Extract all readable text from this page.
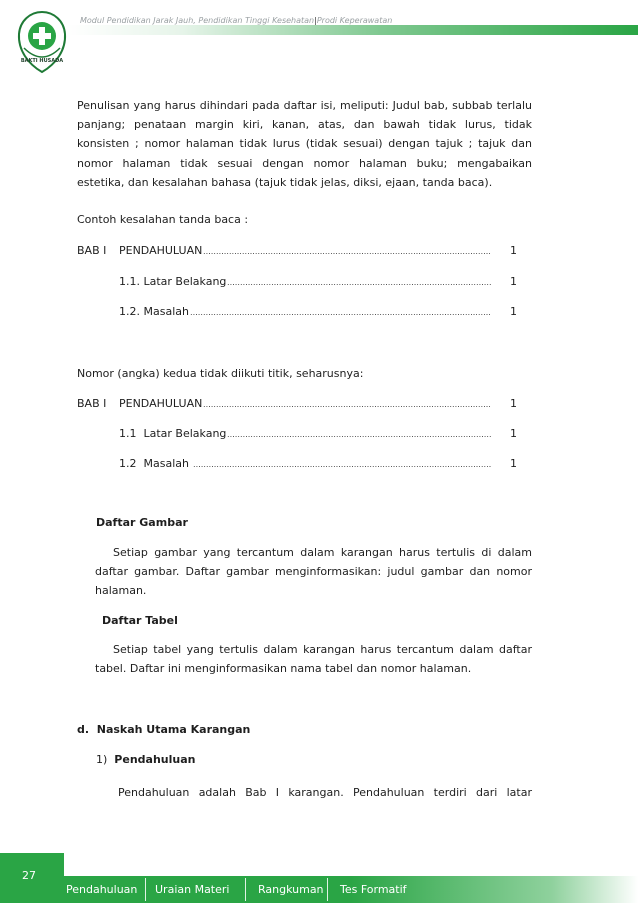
BAKTI HUSADA
Modul Pendidikan Jarak Jauh, Pendidikan Tinggi Kesehatan|Prodi Keperawatan
Penulisan yang harus dihindari pada daftar isi, meliputi: Judul bab, subbab terlalu panjang; penataan margin kiri, kanan, atas, dan bawah tidak lurus, tidak konsisten ; nomor halaman tidak lurus (tidak sesuai) dengan tajuk ; tajuk dan nomor halaman tidak sesuai dengan nomor halaman buku; mengabaikan estetika, dan kesalahan bahasa (tajuk tidak jelas, diksi, ejaan, tanda baca).
Contoh kesalahan tanda baca :
BAB I PENDAHULUAN	1
1.1. Latar Belakang	1
1.2. Masalah	1
Nomor (angka) kedua tidak diikuti titik, seharusnya:
BAB I PENDAHULUAN	1
1.1  Latar Belakang	1
1.2  Masalah	1
Daftar Gambar
Setiap gambar yang tercantum dalam karangan harus tertulis di dalam daftar gambar. Daftar gambar menginformasikan: judul gambar dan nomor halaman.
Daftar Tabel
Setiap tabel yang tertulis dalam karangan harus tercantum dalam daftar tabel. Daftar ini menginformasikan nama tabel dan nomor halaman.
d. Naskah Utama Karangan
1) Pendahuluan
Pendahuluan adalah Bab I karangan. Pendahuluan terdiri dari latar
27
Pendahuluan Uraian Materi	Rangkuman Tes Formatif
